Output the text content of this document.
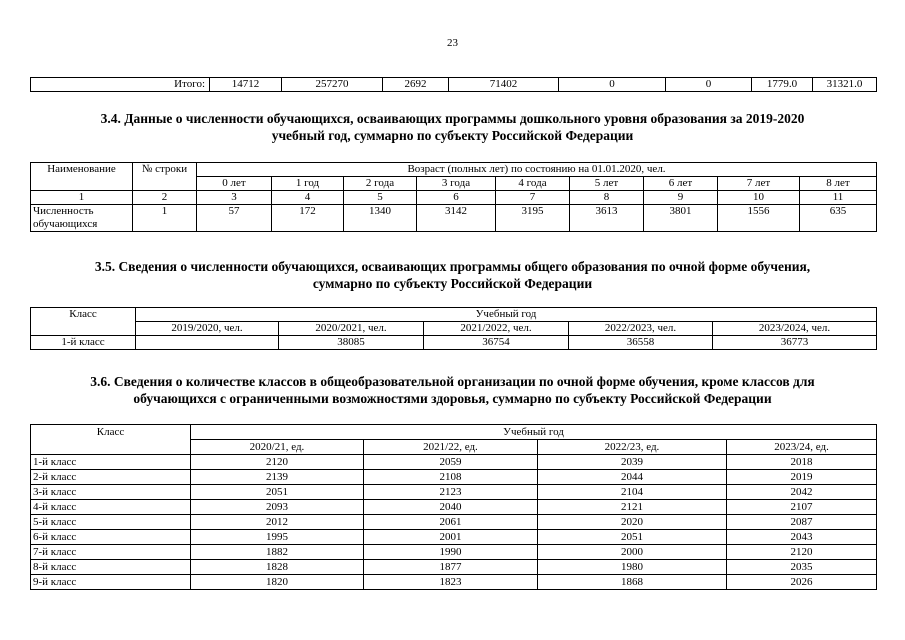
23
Итого:	14712	257270	2692	71402	0	0	1779.0	31321.0
3.4. Данные о численности обучающихся, осваивающих программы дошкольного уровня образования за 2019-2020
учебный год, суммарно по субъекту Российской Федерации
Наименование	№ строки	Возраст (полных лет) по состоянию на 01.01.2020, чел.								
		0 лет	1 год	2 года	3 года	4 года	5 лет	6 лет	7 лет	8 лет
1	2	3	4	5	6	7	8	9	10	11
Численность обучающихся	1	57	172	1340	3142	3195	3613	3801	1556	635
3.5. Сведения о численности обучающихся, осваивающих программы общего образования по очной форме обучения,
суммарно по субъекту Российской Федерации
Класс	Учебный год				
	2019/2020, чел.	2020/2021, чел.	2021/2022, чел.	2022/2023, чел.	2023/2024, чел.
1-й класс		38085	36754	36558	36773
3.6. Сведения о количестве классов в общеобразовательной организации по очной форме обучения, кроме классов для
обучающихся с ограниченными возможностями здоровья, суммарно по субъекту Российской Федерации
Класс	Учебный год			
	2020/21, ед.	2021/22, ед.	2022/23, ед.	2023/24, ед.
1-й класс	2120	2059	2039	2018
2-й класс	2139	2108	2044	2019
3-й класс	2051	2123	2104	2042
4-й класс	2093	2040	2121	2107
5-й класс	2012	2061	2020	2087
6-й класс	1995	2001	2051	2043
7-й класс	1882	1990	2000	2120
8-й класс	1828	1877	1980	2035
9-й класс	1820	1823	1868	2026
